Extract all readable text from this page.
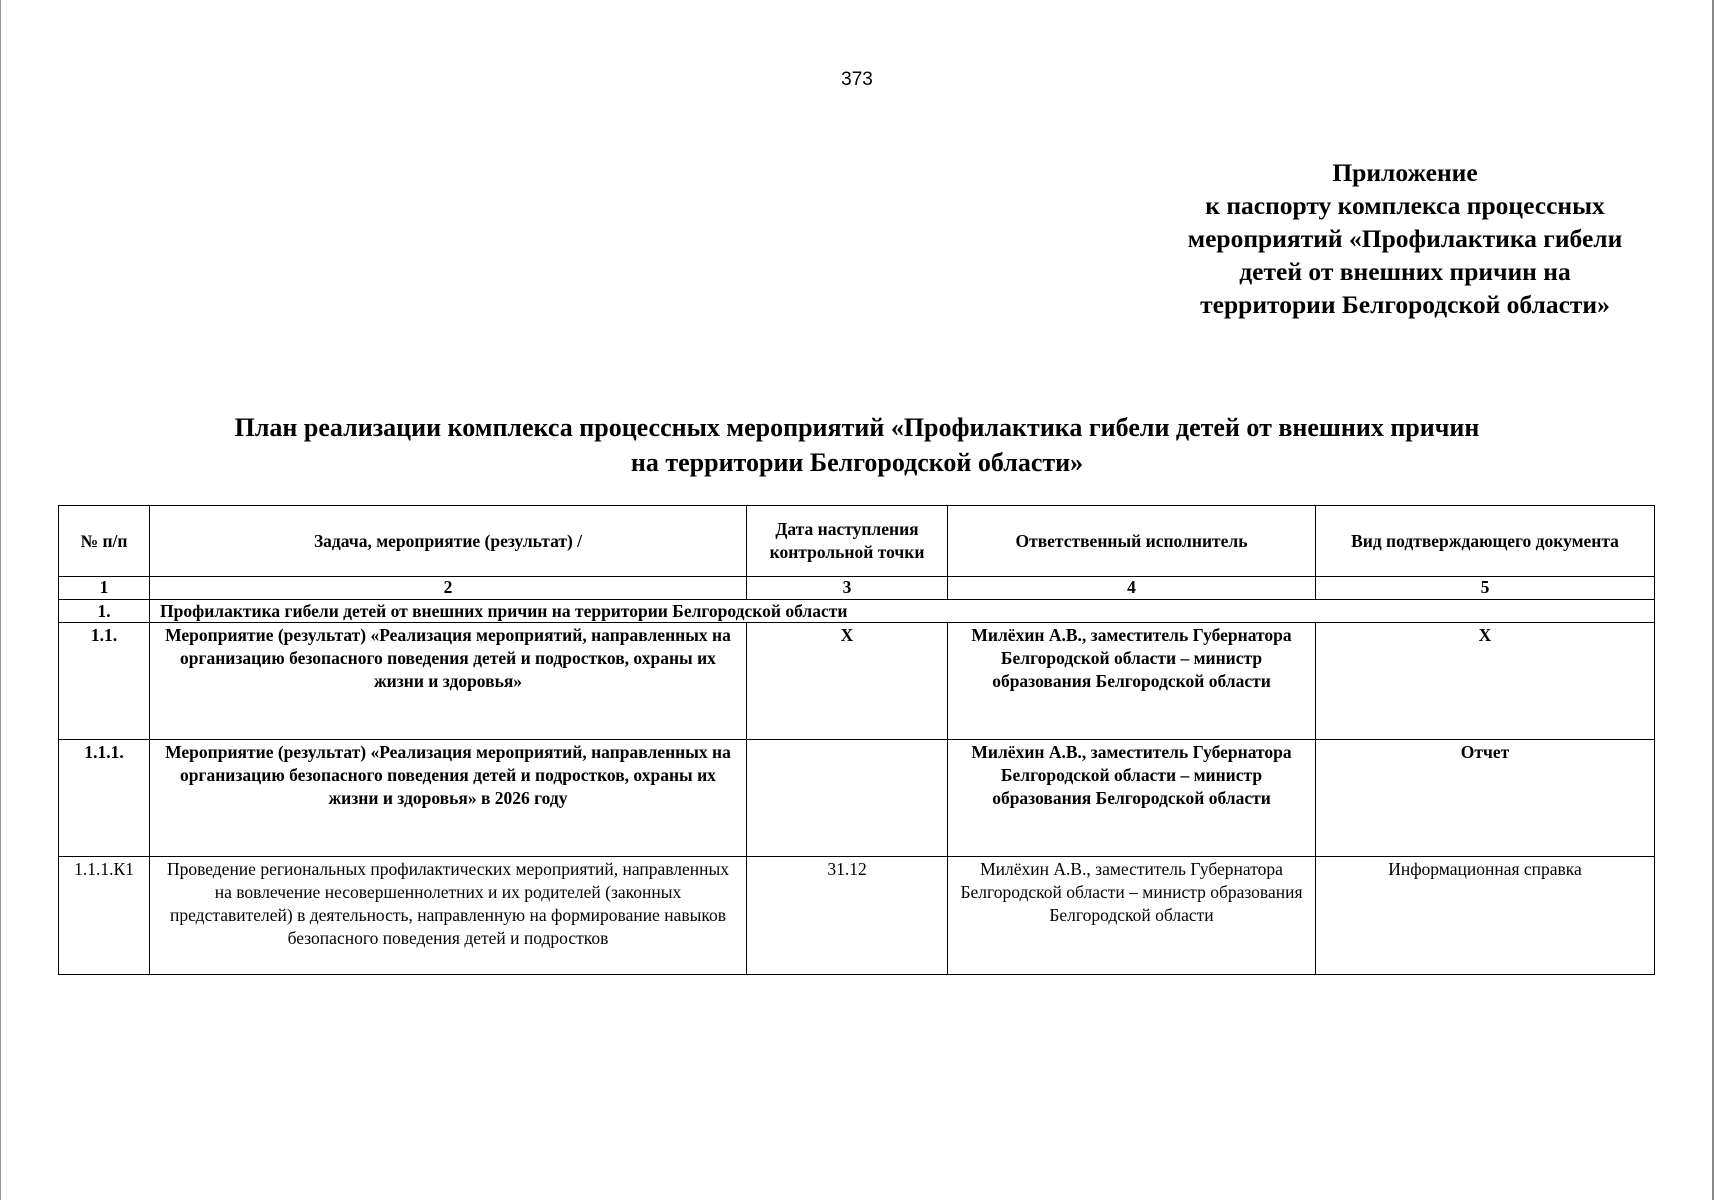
373
Приложение
к паспорту комплекса процессных
мероприятий «Профилактика гибели
детей от внешних причин на
территории Белгородской области»
План реализации комплекса процессных мероприятий «Профилактика гибели детей от внешних причин
на территории Белгородской области»
№ п/п	Задача, мероприятие (результат) /	Дата наступления контрольной точки	Ответственный исполнитель	Вид подтверждающего документа
1	2	3	4	5
1.	Профилактика гибели детей от внешних причин на территории Белгородской области			
1.1.	Мероприятие (результат) «Реализация мероприятий, направленных на организацию безопасного поведения детей и подростков, охраны их жизни и здоровья»	X	Милёхин А.В., заместитель Губернатора Белгородской области – министр образования Белгородской области	X
1.1.1.	Мероприятие (результат) «Реализация мероприятий, направленных на организацию безопасного поведения детей и подростков, охраны их жизни и здоровья» в 2026 году		Милёхин А.В., заместитель Губернатора Белгородской области – министр образования Белгородской области	Отчет
1.1.1.К1	Проведение региональных профилактических мероприятий, направленных на вовлечение несовершеннолетних и их родителей (законных представителей) в деятельность, направленную на формирование навыков безопасного поведения детей и подростков	31.12	Милёхин А.В., заместитель Губернатора Белгородской области – министр образования Белгородской области	Информационная справка
